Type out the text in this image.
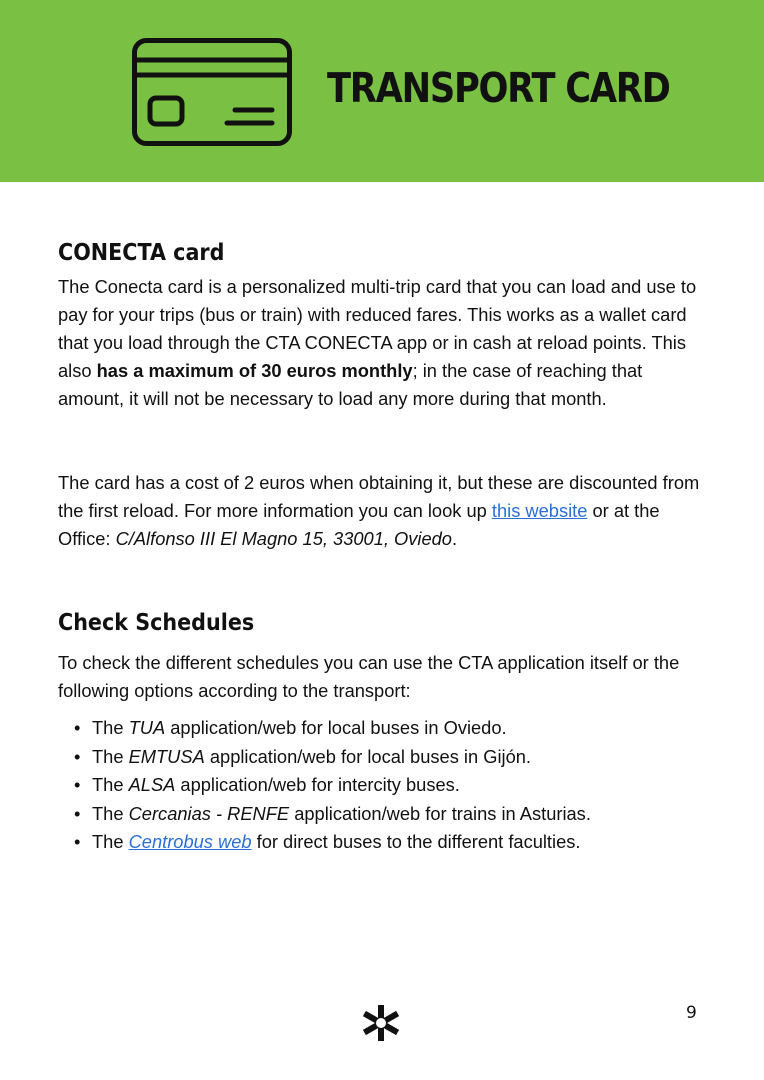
TRANSPORT CARD
CONECTA card

The Conecta card is a personalized multi-trip card that you can load and use to pay for your trips (bus or train) with reduced fares. This works as a wallet card that you load through the CTA CONECTA app or in cash at reload points. This also has a maximum of 30 euros monthly; in the case of reaching that amount, it will not be necessary to load any more during that month.

The card has a cost of 2 euros when obtaining it, but these are discounted from the first reload. For more information you can look up this website or at the Office: C/Alfonso III El Magno 15, 33001, Oviedo.

Check Schedules
To check the different schedules you can use the CTA application itself or the following options according to the transport:
• The TUA application/web for local buses in Oviedo.
• The EMTUSA application/web for local buses in Gijón.
• The ALSA application/web for intercity buses.
• The Cercanias - RENFE application/web for trains in Asturias.
• The Centrobus web for direct buses to the different faculties.
9
